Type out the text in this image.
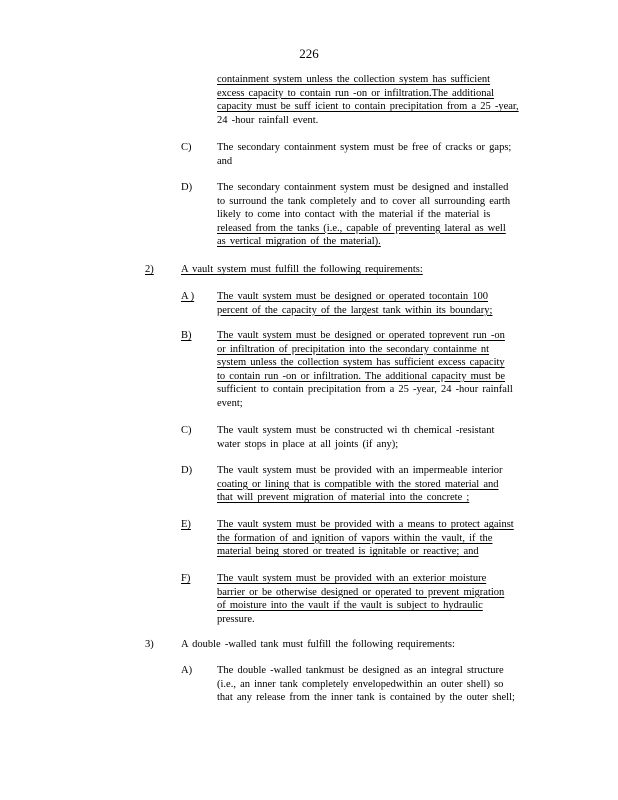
226
containment system unless the collection system has sufficient
excess capacity to contain run -on or infiltration.The additional
capacity must be suff icient to contain precipitation from a 25 -year,
24 -hour rainfall event.
C) The secondary containment system must be free of cracks or gaps;
and
D) The secondary containment system must be designed and installed
to surround the tank completely and to cover all surrounding earth
likely to come into contact with the material if the material is
released from the tanks (i.e., capable of preventing lateral as well
as vertical migration of the material).
2)	A vault system must fulfill the following requirements:
A ) The vault system must be designed or operated tocontain 100
percent of the capacity of the largest tank within its boundary;
B) The vault system must be designed or operated toprevent run -on
or infiltration of precipitation into the secondary containme nt
system unless the collection system has sufficient excess capacity
to contain run -on or infiltration. The additional capacity must be
sufficient to contain precipitation from a 25 -year, 24 -hour rainfall
event;
C) The vault system must be constructed wi th chemical -resistant
water stops in place at all joints (if any);
D) The vault system must be provided with an impermeable interior
coating or lining that is compatible with the stored material and
that will prevent migration of material into the concrete ;
E) The vault system must be provided with a means to protect against
the formation of and ignition of vapors within the vault, if the
material being stored or treated is ignitable or reactive; and
F)	The vault system must be provided with an exterior moisture
barrier or be otherwise designed or operated to prevent migration
of moisture into the vault if the vault is subject to hydraulic
pressure.
3)	A double -walled tank must fulfill the following requirements:
A) The double -walled tankmust be designed as an integral structure
(i.e., an inner tank completely envelopedwithin an outer shell) so
that any release from the inner tank is contained by the outer shell;
